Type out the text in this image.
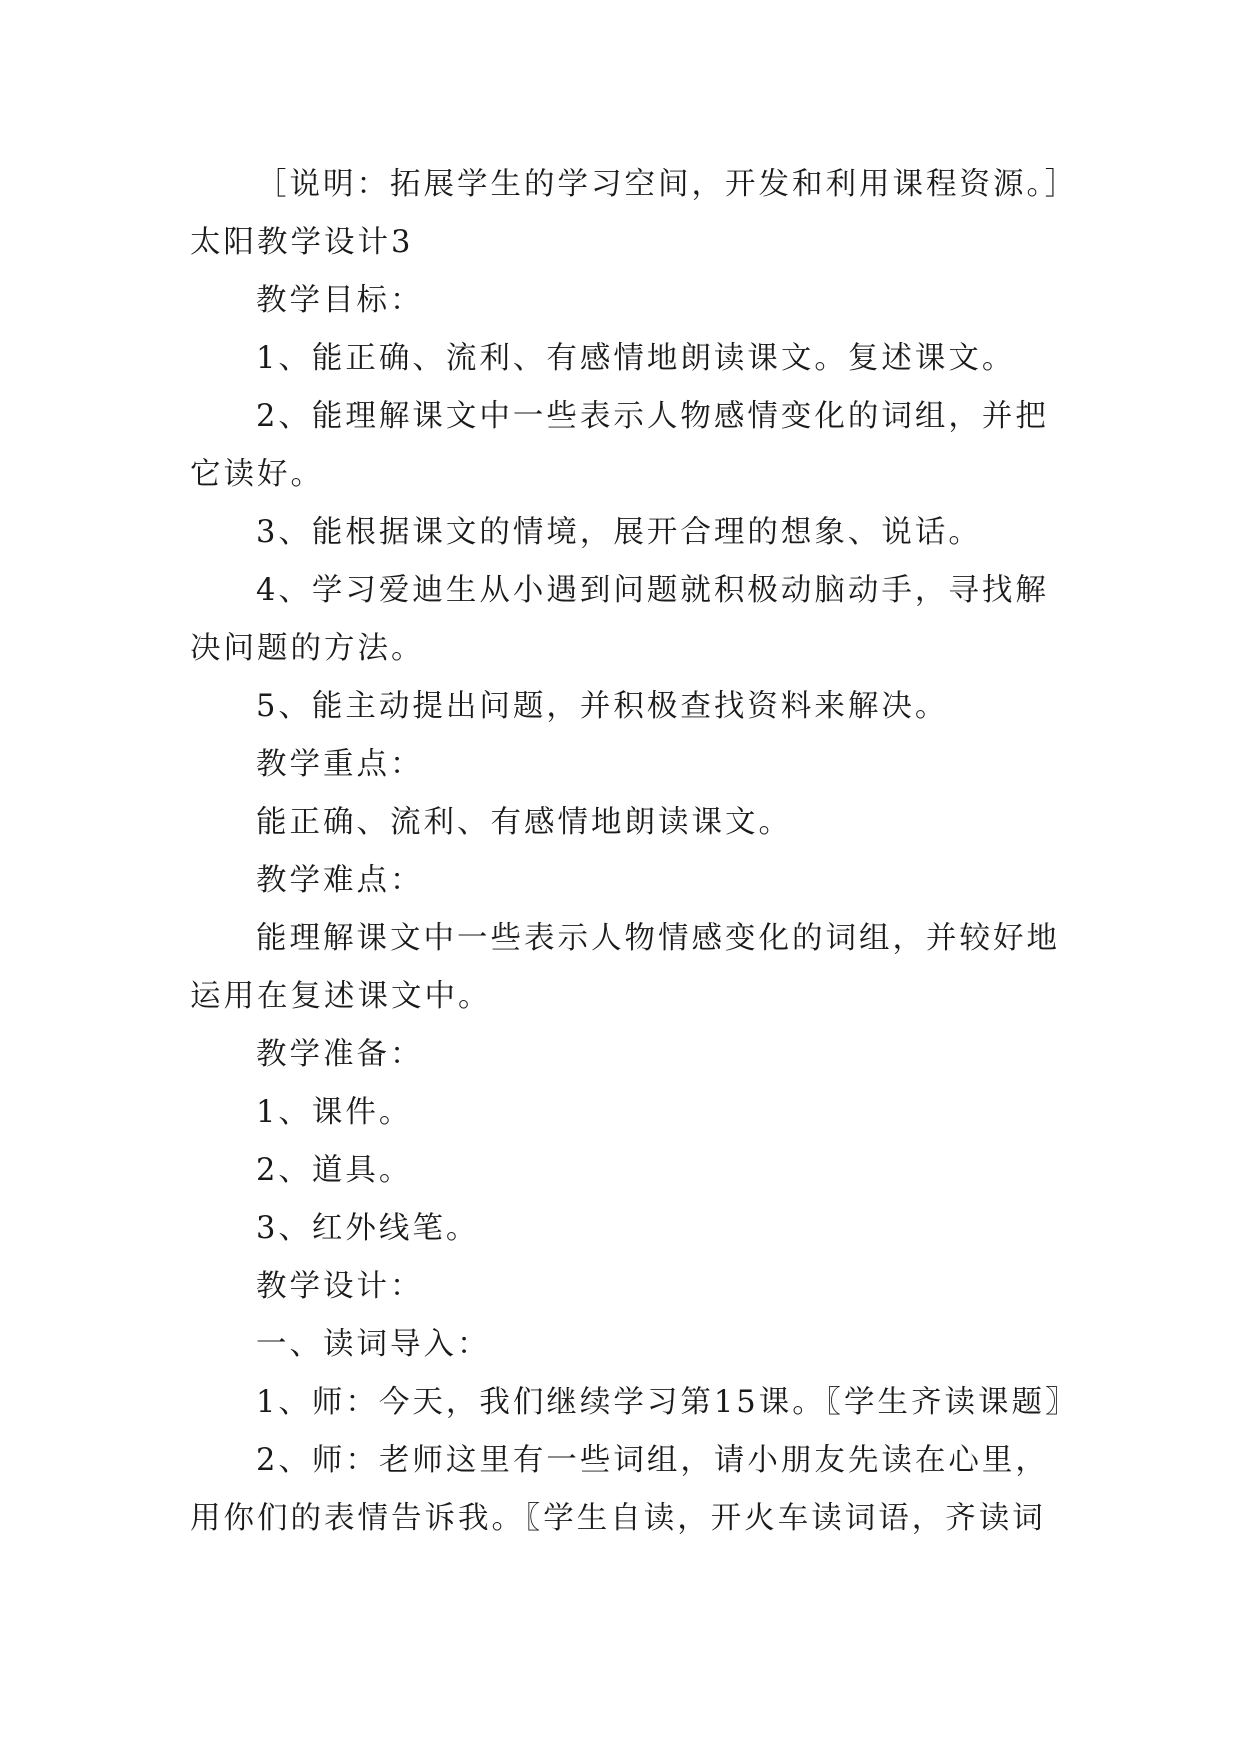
［说明：拓展学生的学习空间，开发和利用课程资源。］

太阳教学设计3

教学目标：

1、能正确、流利、有感情地朗读课文。复述课文。

2、能理解课文中一些表示人物感情变化的词组，并把它读好。

3、能根据课文的情境，展开合理的想象、说话。

4、学习爱迪生从小遇到问题就积极动脑动手，寻找解决问题的方法。

5、能主动提出问题，并积极查找资料来解决。

教学重点：

能正确、流利、有感情地朗读课文。

教学难点：

能理解课文中一些表示人物情感变化的词组，并较好地运用在复述课文中。

教学准备：

1、课件。

2、道具。

3、红外线笔。

教学设计：

一、读词导入：

1、师：今天，我们继续学习第15课。〖学生齐读课题〗

2、师：老师这里有一些词组，请小朋友先读在心里，用你们的表情告诉我。〖学生自读，开火车读词语，齐读词
